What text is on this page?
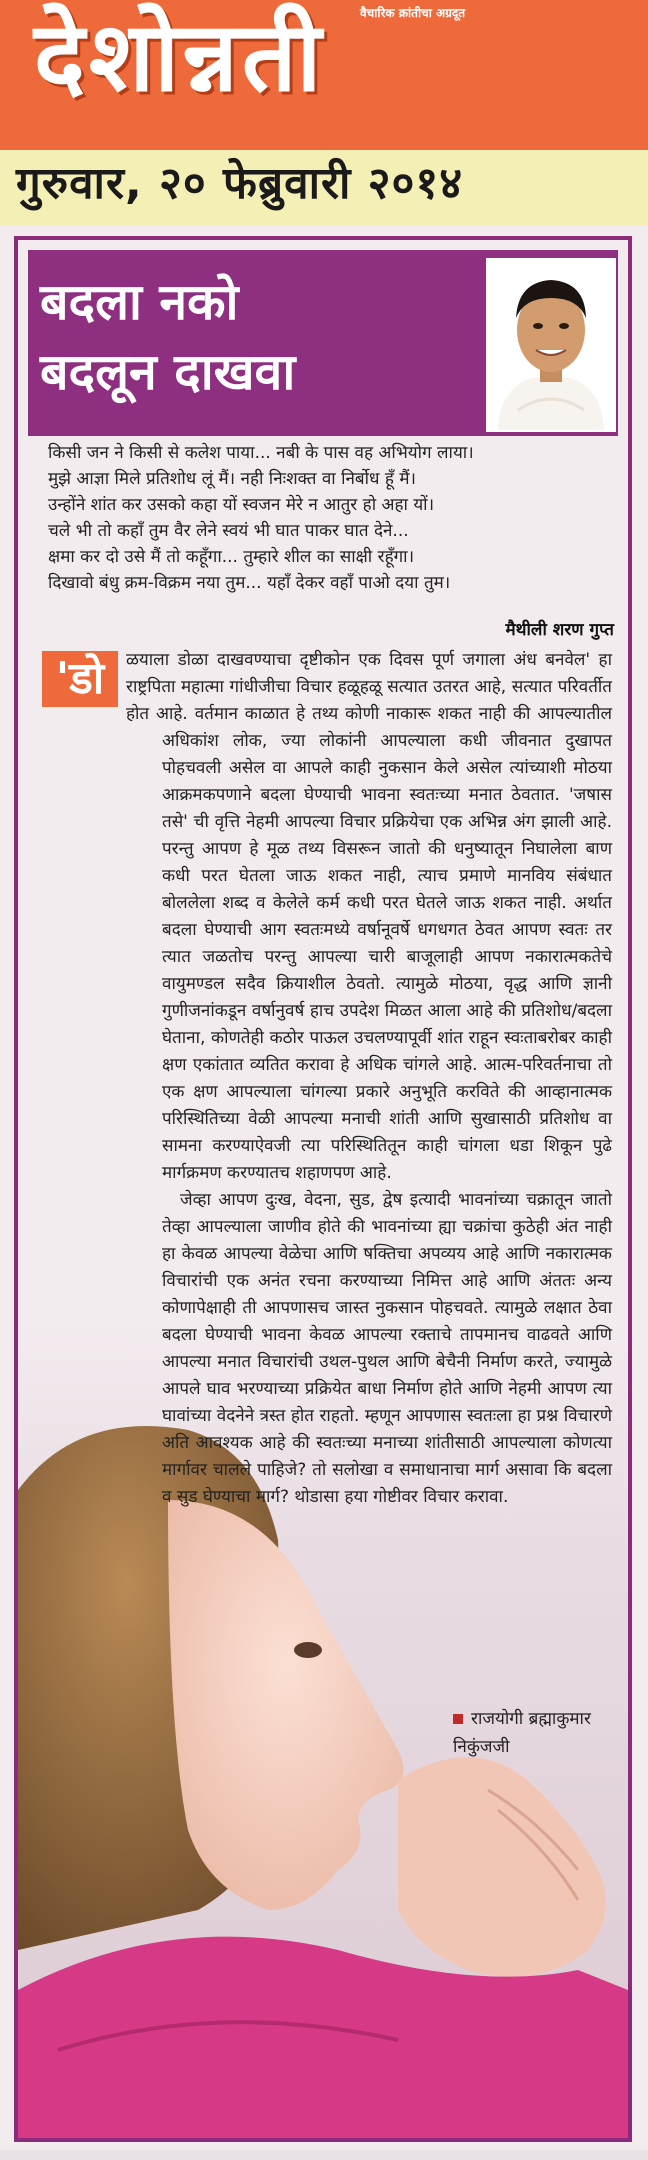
देशोन्नती	वैचारिक क्रांतीचा अग्रदूत
गुरुवार, २० फेब्रुवारी २०१४
बदला नको
बदलून दाखवा
किसी जन ने किसी से कलेश पाया... नबी के पास वह अभियोग लाया।
मुझे आज्ञा मिले प्रतिशोध लूं मैं। नही निःशक्त वा निर्बोध हूँ मैं।
उन्होंने शांत कर उसको कहा यों स्वजन मेरे न आतुर हो अहा यों।
चले भी तो कहाँ तुम वैर लेने स्वयं भी घात पाकर घात देने...
क्षमा कर दो उसे मैं तो कहूँगा... तुम्हारे शील का साक्षी रहूँगा।
दिखावो बंधु क्रम-विक्रम नया तुम... यहाँ देकर वहाँ पाओ दया तुम।
मैथीली शरण गुप्त
'डो	ळयाला डोळा दाखवण्याचा दृष्टीकोन एक दिवस पूर्ण जगाला अंध बनवेल' हा राष्ट्रपिता महात्मा गांधीजीचा विचार हळूहळू सत्यात उतरत आहे, सत्यात परिवर्तीत होत आहे. वर्तमान काळात हे तथ्य कोणी नाकारू शकत नाही की आपल्यातील अधिकांश लोक, ज्या लोकांनी आपल्याला कधी जीवनात दुखापत पोहचवली असेल वा आपले काही नुकसान केले असेल त्यांच्याशी मोठया आक्रमकपणाने बदला घेण्याची भावना स्वतःच्या मनात ठेवतात. 'जषास तसे' ची वृत्ति नेहमी आपल्या विचार प्रक्रियेचा एक अभिन्न अंग झाली आहे. परन्तु आपण हे मूळ तथ्य विसरून जातो की धनुष्यातून निघालेला बाण कधी परत घेतला जाऊ शकत नाही, त्याच प्रमाणे मानविय संबंधात बोललेला शब्द व केलेले कर्म कधी परत घेतले जाऊ शकत नाही. अर्थात बदला घेण्याची आग स्वतःमध्ये वर्षानूवर्षे धगधगत ठेवत आपण स्वतः तर त्यात जळतोच परन्तु आपल्या चारी बाजूलाही आपण नकारात्मकतेचे वायुमण्डल सदैव क्रियाशील ठेवतो. त्यामुळे मोठया, वृद्ध आणि ज्ञानी गुणीजनांकडून वर्षानुवर्ष हाच उपदेश मिळत आला आहे की प्रतिशोध/बदला घेताना, कोणतेही कठोर पाऊल उचलण्यापूर्वी शांत राहून स्वःताबरोबर काही क्षण एकांतात व्यतित करावा हे अधिक चांगले आहे. आत्म-परिवर्तनाचा तो एक क्षण आपल्याला चांगल्या प्रकारे अनुभूति करविते की आव्हानात्मक परिस्थितिच्या वेळी आपल्या मनाची शांती आणि सुखासाठी प्रतिशोध वा सामना करण्याऐवजी त्या परिस्थितितून काही चांगला धडा शिकून पुढे मार्गक्रमण करण्यातच शहाणपण आहे.

जेव्हा आपण दुःख, वेदना, सुड, द्वेष इत्यादी भावनांच्या चक्रातून जातो तेव्हा आपल्याला जाणीव होते की भावनांच्या ह्या चक्रांचा कुठेही अंत नाही हा केवळ आपल्या वेळेचा आणि षक्तिचा अपव्यय आहे आणि नकारात्मक विचारांची एक अनंत रचना करण्याच्या निमित्त आहे आणि अंततः अन्य कोणापेक्षाही ती आपणासच जास्त नुकसान पोहचवते. त्यामुळे लक्षात ठेवा बदला घेण्याची भावना केवळ आपल्या रक्ताचे तापमानच वाढवते आणि आपल्या मनात विचारांची उथल-पुथल आणि बेचैनी निर्माण करते, ज्यामुळे आपले घाव भरण्याच्या प्रक्रियेत बाधा निर्माण होते आणि नेहमी आपण त्या घावांच्या वेदनेने त्रस्त होत राहतो. म्हणून आपणास स्वतःला हा प्रश्न विचारणे अति आवश्यक आहे की स्वतःच्या मनाच्या शांतीसाठी आपल्याला कोणत्या मार्गावर चालले पाहिजे? तो सलोखा व समाधानाचा मार्ग असावा कि बदला व सुड घेण्याचा मार्ग? थोडासा हया गोष्टीवर विचार करावा.

राजयोगी ब्रह्माकुमार
निकुंजजी
